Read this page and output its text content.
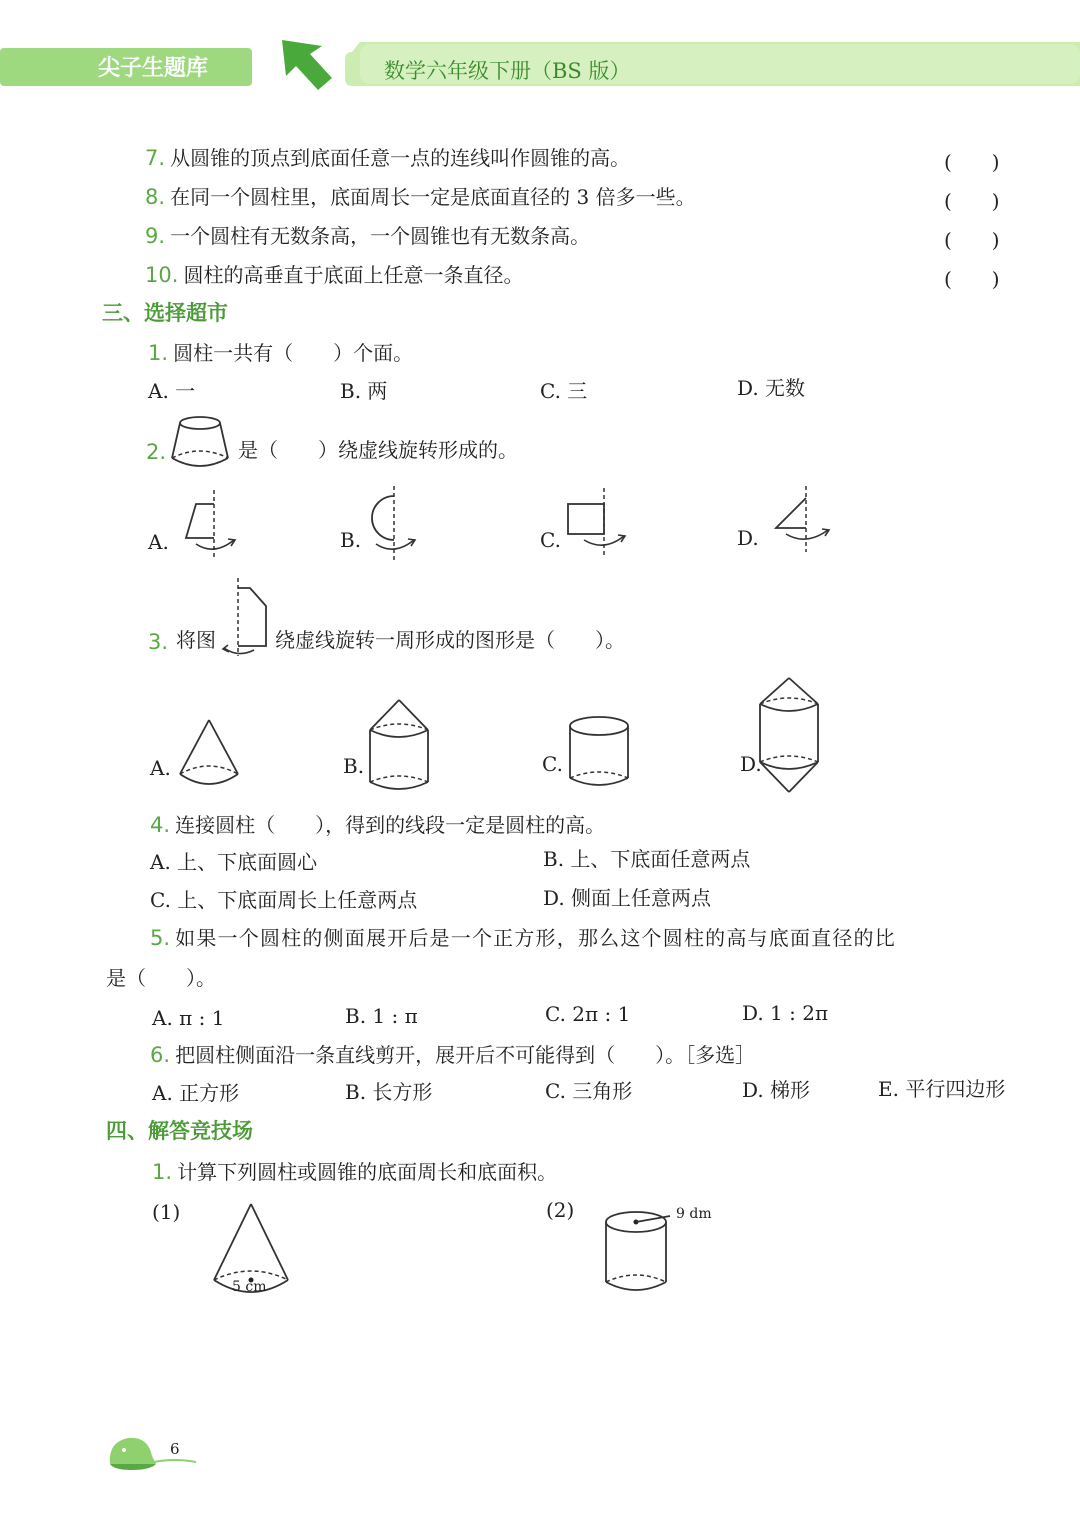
尖子生题库	数学六年级下册（BS 版）
7. 从圆锥的顶点到底面任意一点的连线叫作圆锥的高。	(　　)
8. 在同一个圆柱里，底面周长一定是底面直径的 3 倍多一些。	(　　)
9. 一个圆柱有无数条高，一个圆锥也有无数条高。	(　　)
10. 圆柱的高垂直于底面上任意一条直径。	(　　)
三、选择超市
1. 圆柱一共有（　　）个面。
A. 一	B. 两	C. 三	D. 无数
2.	是（　　）绕虚线旋转形成的。
A.	B.	C.	D.
3. 将图	绕虚线旋转一周形成的图形是（　　）。
A.	B.	C.	D.
4. 连接圆柱（　　），得到的线段一定是圆柱的高。
A. 上、下底面圆心	B. 上、下底面任意两点
C. 上、下底面周长上任意两点	D. 侧面上任意两点
5. 如果一个圆柱的侧面展开后是一个正方形，那么这个圆柱的高与底面直径的比
是（　　）。
A. π : 1	B. 1 : π	C. 2π : 1	D. 1 : 2π
6. 把圆柱侧面沿一条直线剪开，展开后不可能得到（　　）。［多选］
A. 正方形	B. 长方形	C. 三角形	D. 梯形	E. 平行四边形
四、解答竞技场
1. 计算下列圆柱或圆锥的底面周长和底面积。
(1)
5 cm
(2)	9 dm
6
